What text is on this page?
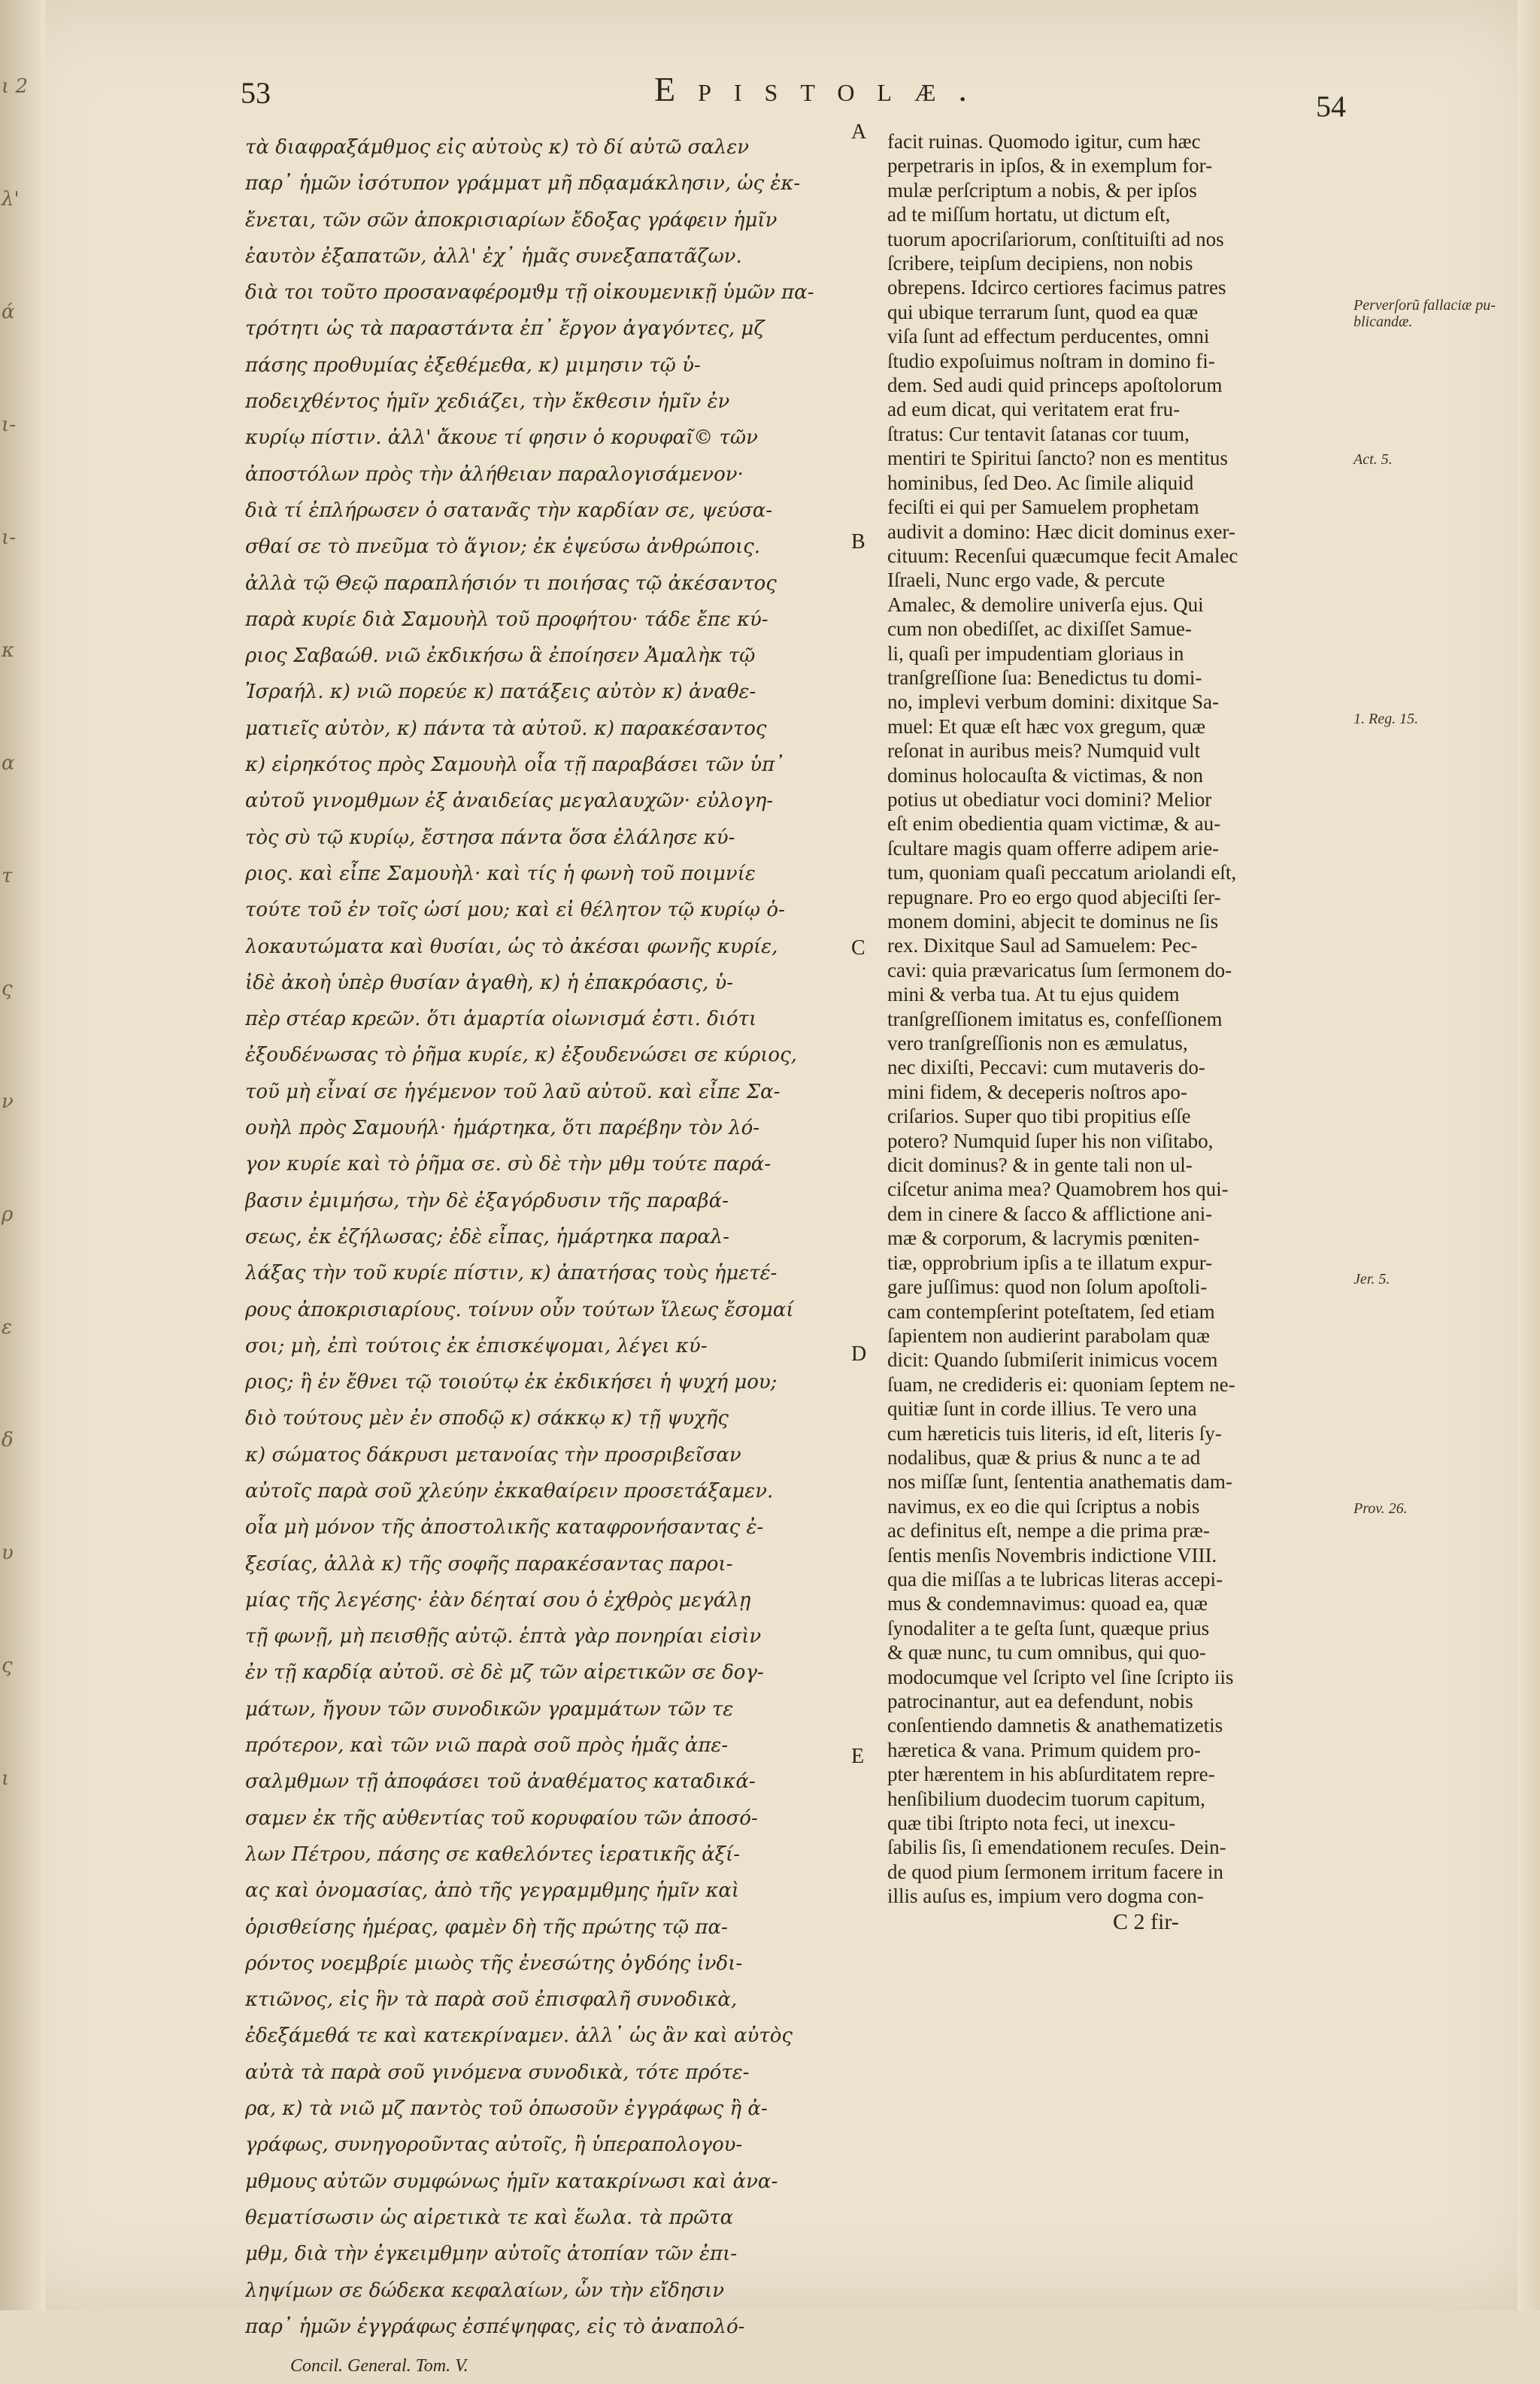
ι 2
λ'
ά
ι-
ι-
κ
α
τ
ς
ν
ρ
ε
δ
υ
ς
ι
53	Epistolæ.	54
τὰ διαφραξάμθμος εἰς αὐτοὺς κ) τὸ δί αὐτῶ σαλεν
παρ᾿ ἡμῶν ἰσότυπον γράμματ μῆ πδᾳαμάκλησιν, ὡς ἐκ-
ἔνεται, τῶν σῶν ἀποκρισιαρίων ἔδοξας γράφειν ἡμῖν
ἑαυτὸν ἐξαπατῶν, ἀλλ' ἐχ᾿ ἡμᾶς συνεξαπατᾶζων.
διὰ τοι τοῦτο προσαναφέρομϑμ τῇ οἰκουμενικῇ ὑμῶν πα-
τρότητι ὡς τὰ παραστάντα ἐπ᾿ ἔργον ἀγαγόντες, μζ
πάσης προθυμίας ἐξεθέμεθα, κ) μιμησιν τῷ ὑ-
ποδειχθέντος ἡμῖν χεδιάζει, τὴν ἔκθεσιν ἡμῖν ἐν
κυρίῳ πίστιν. ἀλλ' ἄκουε τί φησιν ὁ κορυφαῖ© τῶν
ἀποστόλων πρὸς τὴν ἀλήθειαν παραλογισάμενον·
διὰ τί ἐπλήρωσεν ὁ σατανᾶς τὴν καρδίαν σε, ψεύσα-
σθαί σε τὸ πνεῦμα τὸ ἅγιον; ἐκ ἐψεύσω ἀνθρώποις.
ἀλλὰ τῷ Θεῷ παραπλήσιόν τι ποιήσας τῷ ἀκέσαντος
παρὰ κυρίε διὰ Σαμουὴλ τοῦ προφήτου· τάδε ἔπε κύ-
ριος Σαβαώθ. νιῶ ἐκδικήσω ἃ ἐποίησεν Ἀμαλὴκ τῷ
Ἰσραήλ. κ) νιῶ πορεύε κ) πατάξεις αὐτὸν κ) ἀναθε-
ματιεῖς αὐτὸν, κ) πάντα τὰ αὐτοῦ. κ) παρακέσαντος
κ) εἰρηκότος πρὸς Σαμουὴλ οἷα τῇ παραβάσει τῶν ὑπ᾿
αὐτοῦ γινομθμων ἐξ ἀναιδείας μεγαλαυχῶν· εὐλογη-
τὸς σὺ τῷ κυρίῳ, ἔστησα πάντα ὅσα ἐλάλησε κύ-
ριος. καὶ εἶπε Σαμουὴλ· καὶ τίς ἡ φωνὴ τοῦ ποιμνίε
τούτε τοῦ ἐν τοῖς ὠσί μου; καὶ εἰ θέλητον τῷ κυρίῳ ὁ-
λοκαυτώματα καὶ θυσίαι, ὡς τὸ ἀκέσαι φωνῆς κυρίε,
ἰδὲ ἀκοὴ ὑπὲρ θυσίαν ἀγαθὴ, κ) ἡ ἐπακρόασις, ὑ-
πὲρ στέαρ κρεῶν. ὅτι ἁμαρτία οἰωνισμά ἐστι. διότι
ἐξουδένωσας τὸ ῥῆμα κυρίε, κ) ἐξουδενώσει σε κύριος,
τοῦ μὴ εἶναί σε ἡγέμενον τοῦ λαῦ αὐτοῦ. καὶ εἶπε Σα-
ουὴλ πρὸς Σαμουήλ· ἡμάρτηκα, ὅτι παρέβην τὸν λό-
γον κυρίε καὶ τὸ ῥῆμα σε. σὺ δὲ τὴν μθμ τούτε παρά-
βασιν ἐμιμήσω, τὴν δὲ ἐξαγόρδυσιν τῆς παραβά-
σεως, ἐκ ἐζήλωσας; ἐδὲ εἶπας, ἡμάρτηκα παραλ-
λάξας τὴν τοῦ κυρίε πίστιν, κ) ἀπατήσας τοὺς ἡμετέ-
ρους ἀποκρισιαρίους. τοίνυν οὖν τούτων ἵλεως ἔσομαί
σοι; μὴ, ἐπὶ τούτοις ἐκ ἐπισκέψομαι, λέγει κύ-
ριος; ἢ ἐν ἔθνει τῷ τοιούτῳ ἐκ ἐκδικήσει ἡ ψυχή μου;
διὸ τούτους μὲν ἐν σποδῷ κ) σάκκῳ κ) τῇ ψυχῆς
κ) σώματος δάκρυσι μετανοίας τὴν προσριβεῖσαν
αὐτοῖς παρὰ σοῦ χλεύην ἐκκαθαίρειν προσετάξαμεν.
οἷα μὴ μόνον τῆς ἀποστολικῆς καταφρονήσαντας ἐ-
ξεσίας, ἀλλὰ κ) τῆς σοφῆς παρακέσαντας παροι-
μίας τῆς λεγέσης· ἐὰν δέηταί σου ὁ ἐχθρὸς μεγάλῃ
τῇ φωνῇ, μὴ πεισθῇς αὐτῷ. ἑπτὰ γὰρ πονηρίαι εἰσὶν
ἐν τῇ καρδίᾳ αὐτοῦ. σὲ δὲ μζ τῶν αἱρετικῶν σε δογ-
μάτων, ἤγουν τῶν συνοδικῶν γραμμάτων τῶν τε
πρότερον, καὶ τῶν νιῶ παρὰ σοῦ πρὸς ἡμᾶς ἀπε-
σαλμθμων τῇ ἀποφάσει τοῦ ἀναθέματος καταδικά-
σαμεν ἐκ τῆς αὐθεντίας τοῦ κορυφαίου τῶν ἀποσό-
λων Πέτρου, πάσης σε καθελόντες ἱερατικῆς ἀξί-
ας καὶ ὀνομασίας, ἀπὸ τῆς γεγραμμθμης ἡμῖν καὶ
ὁρισθείσης ἡμέρας, φαμὲν δὴ τῆς πρώτης τῷ πα-
ρόντος νοεμβρίε μιωὸς τῆς ἐνεσώτης ὀγδόης ἰνδι-
κτιῶνος, εἰς ἣν τὰ παρὰ σοῦ ἐπισφαλῆ συνοδικὰ,
ἐδεξάμεθά τε καὶ κατεκρίναμεν. ἀλλ᾿ ὡς ἂν καὶ αὐτὸς
αὐτὰ τὰ παρὰ σοῦ γινόμενα συνοδικὰ, τότε πρότε-
ρα, κ) τὰ νιῶ μζ παντὸς τοῦ ὁπωσοῦν ἐγγράφως ἢ ἀ-
γράφως, συνηγοροῦντας αὐτοῖς, ἢ ὑπεραπολογου-
μθμους αὐτῶν συμφώνως ἡμῖν κατακρίνωσι καὶ ἀνα-
θεματίσωσιν ὡς αἱρετικὰ τε καὶ ἕωλα. τὰ πρῶτα
μθμ, διὰ τὴν ἐγκειμθμην αὐτοῖς ἀτοπίαν τῶν ἐπι-
ληψίμων σε δώδεκα κεφαλαίων, ὧν τὴν εἴδησιν
παρ᾿ ἡμῶν ἐγγράφως ἐσπέψηφας, εἰς τὸ ἀναπολό-
Concil. General. Tom. V.
A
B
C
D
E
facit ruinas. Quomodo igitur, cum hæc
perpetraris in ipſos, & in exemplum for-
mulæ perſcriptum a nobis, & per ipſos
ad te miſſum hortatu, ut dictum eſt,
tuorum apocriſariorum, conſtituiſti ad nos
ſcribere, teipſum decipiens, non nobis
obrepens. Idcirco certiores facimus patres
qui ubique terrarum ſunt, quod ea quæ
viſa ſunt ad effectum perducentes, omni
ſtudio expoſuimus noſtram in domino fi-
dem. Sed audi quid princeps apoſtolorum
ad eum dicat, qui veritatem erat fru-
ſtratus: Cur tentavit ſatanas cor tuum,
mentiri te Spiritui ſancto? non es mentitus
hominibus, ſed Deo. Ac ſimile aliquid
feciſti ei qui per Samuelem prophetam
audivit a domino: Hæc dicit dominus exer-
cituum: Recenſui quæcumque fecit Amalec
Iſraeli, Nunc ergo vade, & percute
Amalec, & demolire univerſa ejus. Qui
cum non obediſſet, ac dixiſſet Samue-
li, quaſi per impudentiam gloriaus in
tranſgreſſione ſua: Benedictus tu domi-
no, implevi verbum domini: dixitque Sa-
muel: Et quæ eſt hæc vox gregum, quæ
reſonat in auribus meis? Numquid vult
dominus holocauſta & victimas, & non
potius ut obediatur voci domini? Melior
eſt enim obedientia quam victimæ, & au-
ſcultare magis quam offerre adipem arie-
tum, quoniam quaſi peccatum ariolandi eſt,
repugnare. Pro eo ergo quod abjeciſti ſer-
monem domini, abjecit te dominus ne ſis
rex. Dixitque Saul ad Samuelem: Pec-
cavi: quia prævaricatus ſum ſermonem do-
mini & verba tua. At tu ejus quidem
tranſgreſſionem imitatus es, confeſſionem
vero tranſgreſſionis non es æmulatus,
nec dixiſti, Peccavi: cum mutaveris do-
mini fidem, & deceperis noſtros apo-
criſarios. Super quo tibi propitius eſſe
potero? Numquid ſuper his non viſitabo,
dicit dominus? & in gente tali non ul-
ciſcetur anima mea? Quamobrem hos qui-
dem in cinere & ſacco & afflictione ani-
mæ & corporum, & lacrymis pœniten-
tiæ, opprobrium ipſis a te illatum expur-
gare juſſimus: quod non ſolum apoſtoli-
cam contempſerint poteſtatem, ſed etiam
ſapientem non audierint parabolam quæ
dicit: Quando ſubmiſerit inimicus vocem
ſuam, ne credideris ei: quoniam ſeptem ne-
quitiæ ſunt in corde illius. Te vero una
cum hæreticis tuis literis, id eſt, literis ſy-
nodalibus, quæ & prius & nunc a te ad
nos miſſæ ſunt, ſententia anathematis dam-
navimus, ex eo die qui ſcriptus a nobis
ac definitus eſt, nempe a die prima præ-
ſentis menſis Novembris indictione VIII.
qua die miſſas a te lubricas literas accepi-
mus & condemnavimus: quoad ea, quæ
ſynodaliter a te geſta ſunt, quæque prius
& quæ nunc, tu cum omnibus, qui quo-
modocumque vel ſcripto vel ſine ſcripto iis
patrocinantur, aut ea defendunt, nobis
conſentiendo damnetis & anathematizetis
hæretica & vana. Primum quidem pro-
pter hærentem in his abſurditatem repre-
henſibilium duodecim tuorum capitum,
quæ tibi ſtripto nota feci, ut inexcu-
ſabilis ſis, ſi emendationem recuſes. Dein-
de quod pium ſermonem irritum facere in
illis auſus es, impium vero dogma con-
C 2 fir-
Perverſorũ fallaciæ pu-blicandæ.
Act. 5.
1. Reg. 15.
Jer. 5.
Prov. 26.
